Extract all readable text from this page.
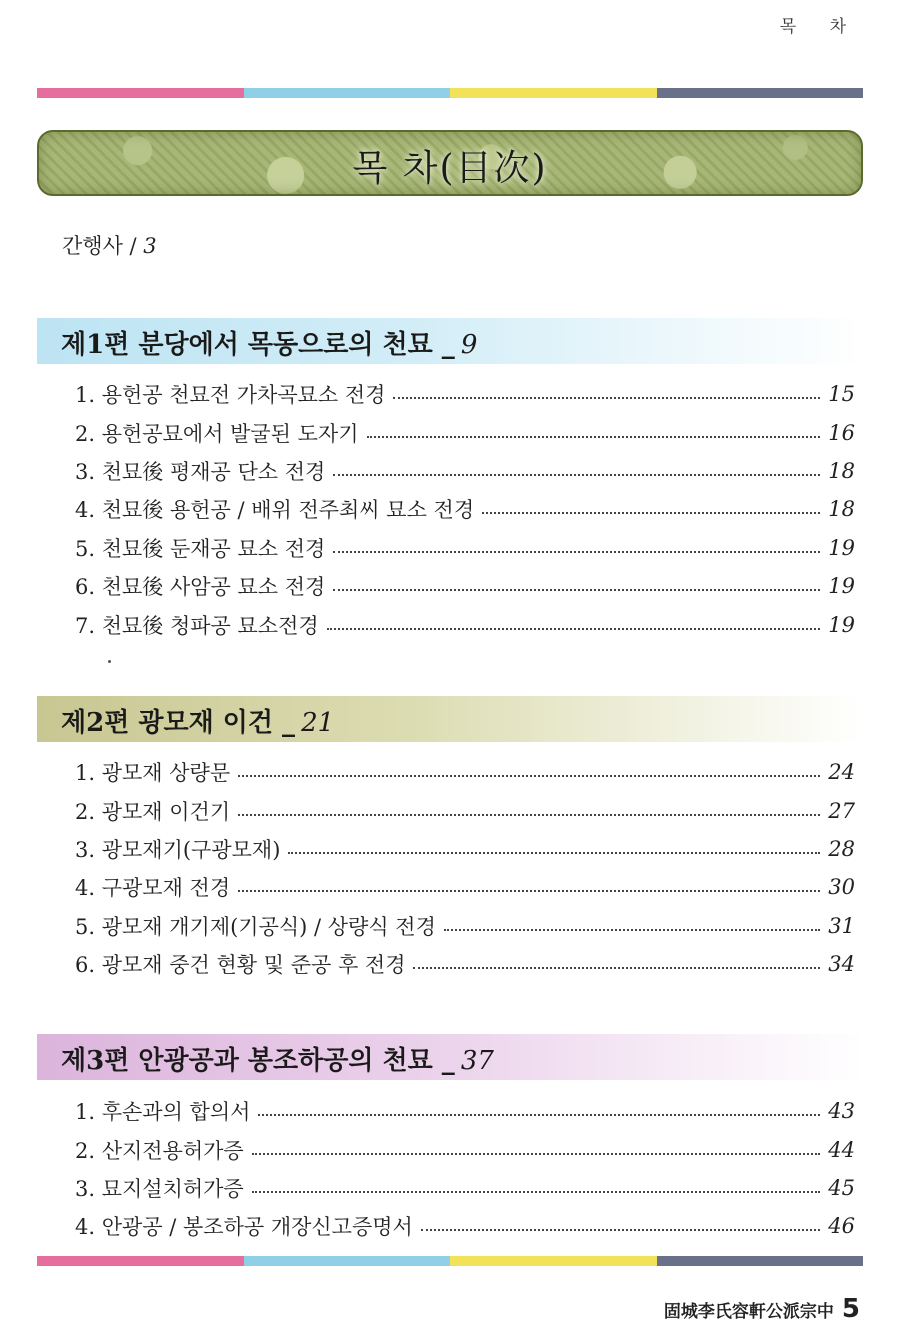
목 차
목 차(目次)
간행사 / 3
제1편 분당에서 목동으로의 천묘 _ 9
1. 용헌공 천묘전 가차곡묘소 전경	15
2. 용헌공묘에서 발굴된 도자기	16
3. 천묘後 평재공 단소 전경	18
4. 천묘後 용헌공 / 배위 전주최씨 묘소 전경	18
5. 천묘後 둔재공 묘소 전경	19
6. 천묘後 사암공 묘소 전경	19
7. 천묘後 청파공 묘소전경	19
제2편 광모재 이건 _ 21
1. 광모재 상량문	24
2. 광모재 이건기	27
3. 광모재기(구광모재)	28
4. 구광모재 전경	30
5. 광모재 개기제(기공식) / 상량식 전경	31
6. 광모재 중건 현황 및 준공 후 전경	34
제3편 안광공과 봉조하공의 천묘 _ 37
1. 후손과의 합의서	43
2. 산지전용허가증	44
3. 묘지설치허가증	45
4. 안광공 / 봉조하공 개장신고증명서	46
固城李氏容軒公派宗中 5
